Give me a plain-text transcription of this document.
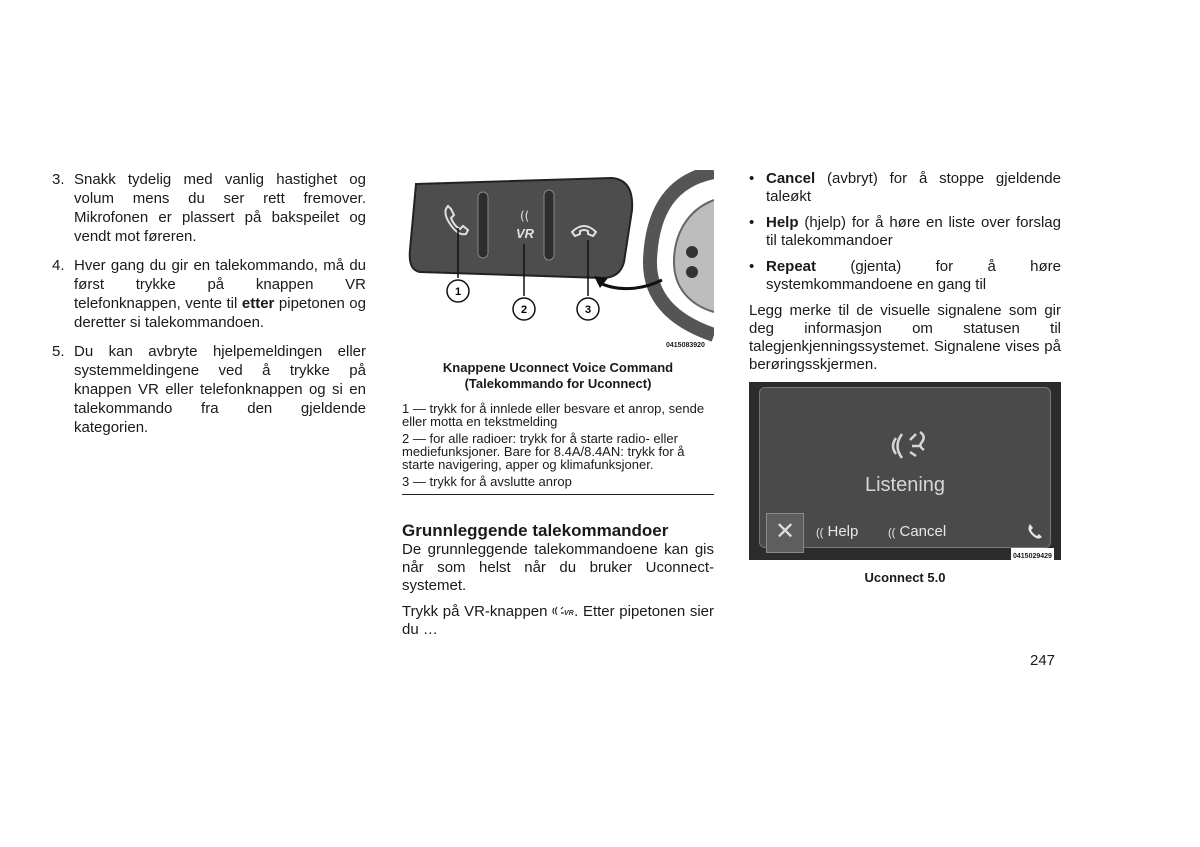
3. Snakk tydelig med vanlig hastighet og volum mens du ser rett fremover. Mikrofonen er plassert på bakspeilet og vendt mot føreren.
4. Hver gang du gir en talekommando, må du først trykke på knappen VR telefonknappen, vente til etter pipetonen og deretter si talekommandoen.
5. Du kan avbryte hjelpemeldingen eller systemmeldingene ved å trykke på knappen VR eller telefonknappen og si en talekommando fra den gjeldende kategorien.
((
VR
1
2	3
0415083920
Knappene Uconnect Voice Command
(Talekommando for Uconnect)
1 — trykk for å innlede eller besvare et anrop, sende eller motta en tekstmelding
2 — for alle radioer: trykk for å starte radio- eller mediefunksjoner. Bare for 8.4A/8.4AN: trykk for å starte navigering, apper og klimafunksjoner.
3 — trykk for å avslutte anrop
Grunnleggende talekommandoer

De grunnleggende talekommandoene kan gis når som helst når du bruker Uconnect-systemet.

Trykk på VR-knappen VR . Etter pipetonen sier du …

• Cancel (avbryt) for å stoppe gjeldende taleøkt
• Help (hjelp) for å høre en liste over forslag til talekommandoer
• Repeat (gjenta) for å høre systemkommandoene en gang til

Legg merke til de visuelle signalene som gir deg informasjon om statusen til talegjenkjenningssystemet. Signalene vises på berøringsskjermen.

Listening
✕	(( Help	(( Cancel
0415029429
Uconnect 5.0
247
